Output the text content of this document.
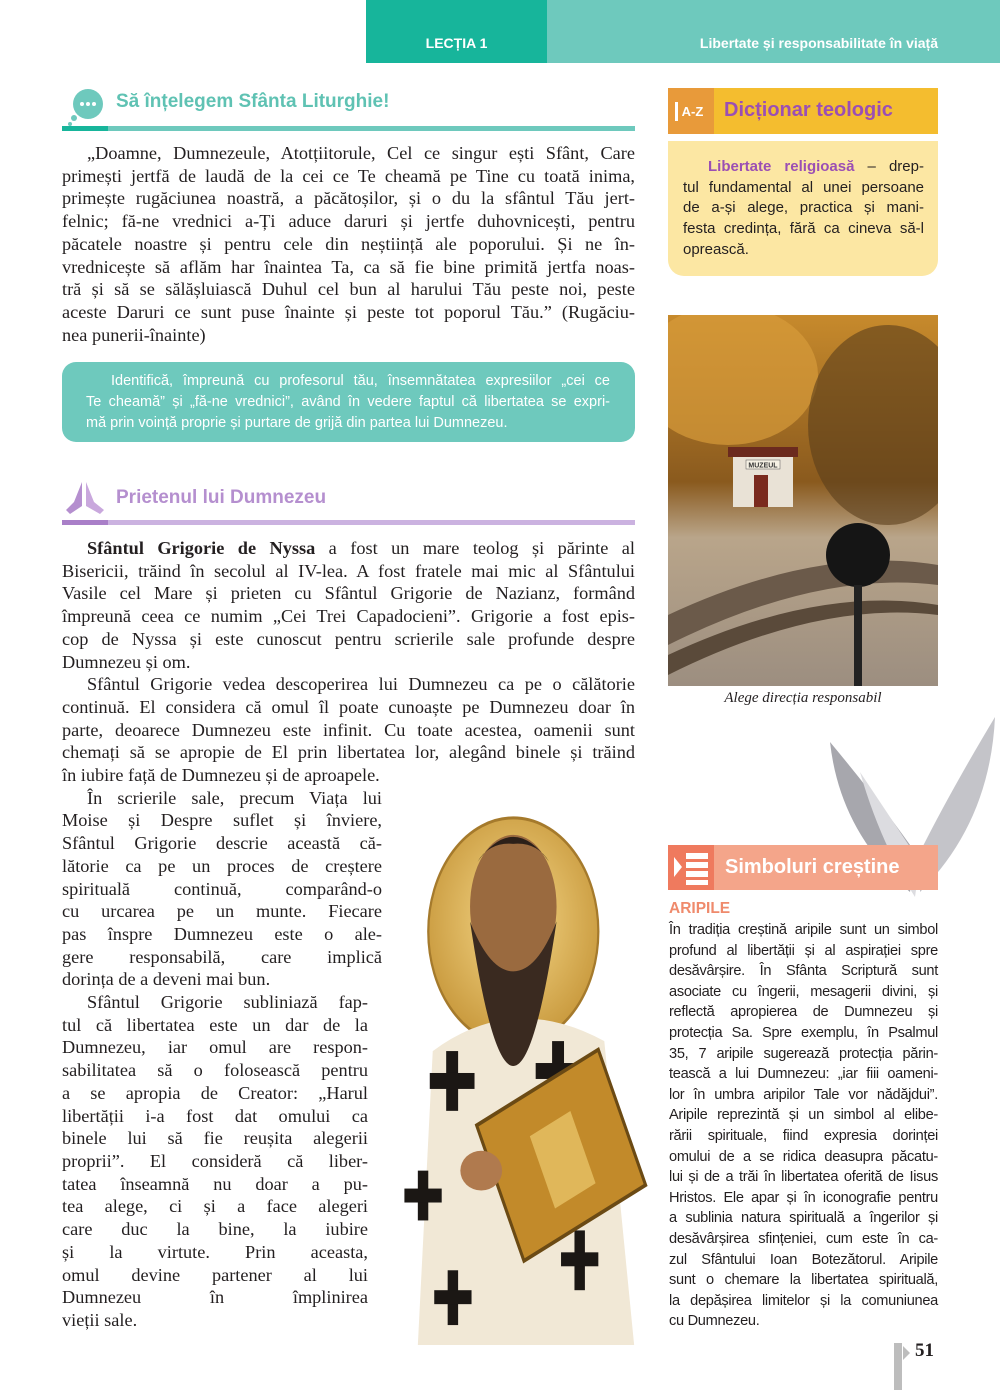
LECȚIA 1	Libertate și responsabilitate în viață
Să înțelegem Sfânta Liturghie!
„Doamne, Dumnezeule, Atotțiitorule, Cel ce singur ești Sfânt, Care
primești jertfă de laudă de la cei ce Te cheamă pe Tine cu toată inima,
primește rugăciunea noastră, a păcătoșilor, și o du la sfântul Tău jert-
felnic; fă-ne vrednici a-Ți aduce daruri și jertfe duhovnicești, pentru
păcatele noastre și pentru cele din neștiință ale poporului. Și ne în-
vrednicește să aflăm har înaintea Ta, ca să fie bine primită jertfa noas-
tră și să se sălășluiască Duhul cel bun al harului Tău peste noi, peste
aceste Daruri ce sunt puse înainte și peste tot poporul Tău.” (Rugăciu-
nea punerii-înainte)
Identifică, împreună cu profesorul tău, însemnătatea expresiilor „cei ce
Te cheamă” și „fă-ne vrednici”, având în vedere faptul că libertatea se expri-
mă prin voință proprie și purtare de grijă din partea lui Dumnezeu.
Prietenul lui Dumnezeu
Sfântul Grigorie de Nyssa a fost un mare teolog și părinte al
Bisericii, trăind în secolul al IV-lea. A fost fratele mai mic al Sfântului
Vasile cel Mare și prieten cu Sfântul Grigorie de Nazianz, formând
împreună ceea ce numim „Cei Trei Capadocieni”. Grigorie a fost epis-
cop de Nyssa și este cunoscut pentru scrierile sale profunde despre
Dumnezeu și om.
Sfântul Grigorie vedea descoperirea lui Dumnezeu ca pe o călătorie
continuă. El considera că omul îl poate cunoaște pe Dumnezeu doar în
parte, deoarece Dumnezeu este infinit. Cu toate acestea, oamenii sunt
chemați să se apropie de El prin libertatea lor, alegând binele și trăind
în iubire față de Dumnezeu și de aproapele.
În scrierile sale, precum Viața lui
Moise și Despre suflet și înviere,
Sfântul Grigorie descrie această că-
lătorie ca pe un proces de creștere
spirituală continuă, comparând-o
cu urcarea pe un munte. Fiecare
pas înspre Dumnezeu este o ale-
gere responsabilă, care implică
dorința de a deveni mai bun.
Sfântul Grigorie subliniază fap-
tul că libertatea este un dar de la
Dumnezeu, iar omul are respon-
sabilitatea să o folosească pentru
a se apropia de Creator: „Harul
libertății i-a fost dat omului ca
binele lui să fie reușita alegerii
proprii”. El consideră că liber-
tatea înseamnă nu doar a pu-
tea alege, ci și a face alegeri
care duc la bine, la iubire
și la virtute. Prin aceasta,
omul devine partener al lui
Dumnezeu în împlinirea
vieții sale.
A-Z Dicționar teologic
Libertate religioasă – drep-
tul fundamental al unei persoane
de a-și alege, practica și mani-
festa credința, fără ca cineva să-l
oprească.
MUZEUL
Alege direcția responsabil
Simboluri creștine
ARIPILE
În tradiția creștină aripile sunt un simbol
profund al libertății și al aspirației spre
desăvârșire. În Sfânta Scriptură sunt
asociate cu îngerii, mesagerii divini, și
reflectă apropierea de Dumnezeu și
protecția Sa. Spre exemplu, în Psalmul
35, 7 aripile sugerează protecția părin-
tească a lui Dumnezeu: „iar fiii oameni-
lor în umbra aripilor Tale vor nădăjdui”.
Aripile reprezintă și un simbol al elibe-
rării spirituale, fiind expresia dorinței
omului de a se ridica deasupra păcatu-
lui și de a trăi în libertatea oferită de Iisus
Hristos. Ele apar și în iconografie pentru
a sublinia natura spirituală a îngerilor și
desăvârșirea sfințeniei, cum este în ca-
zul Sfântului Ioan Botezătorul. Aripile
sunt o chemare la libertatea spirituală,
la depășirea limitelor și la comuniunea
cu Dumnezeu.
51
